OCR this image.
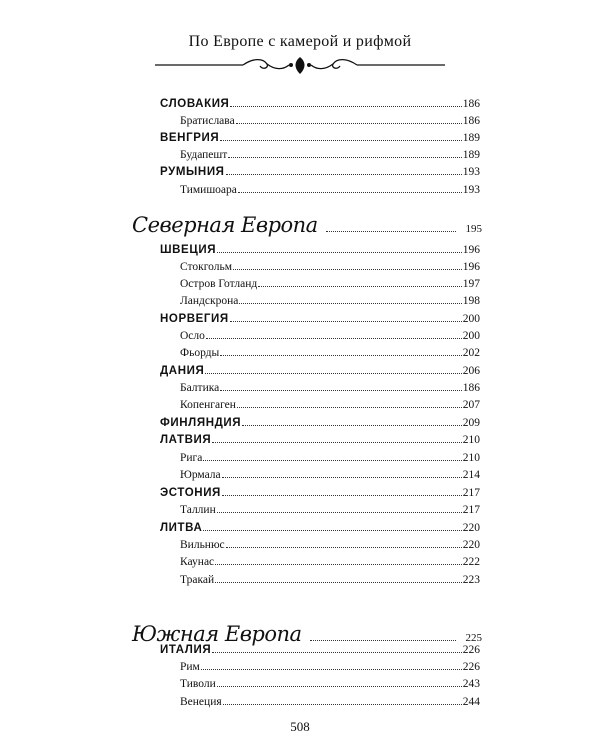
По Европе с камерой и рифмой
СЛОВАКИЯ	186
Братислава	186
ВЕНГРИЯ	189
Будапешт	189
РУМЫНИЯ	193
Тимишоара	193
Северная Европа	195
ШВЕЦИЯ	196
Стокгольм	196
Остров Готланд	197
Ландскрона	198
НОРВЕГИЯ	200
Осло	200
Фьорды	202
ДАНИЯ	206
Балтика	186
Копенгаген	207
ФИНЛЯНДИЯ	209
ЛАТВИЯ	210
Рига	210
Юрмала	214
ЭСТОНИЯ	217
Таллин	217
ЛИТВА	220
Вильнюс	220
Каунас	222
Тракай	223
Южная Европа	225
ИТАЛИЯ	226
Рим	226
Тиволи	243
Венеция	244
508
